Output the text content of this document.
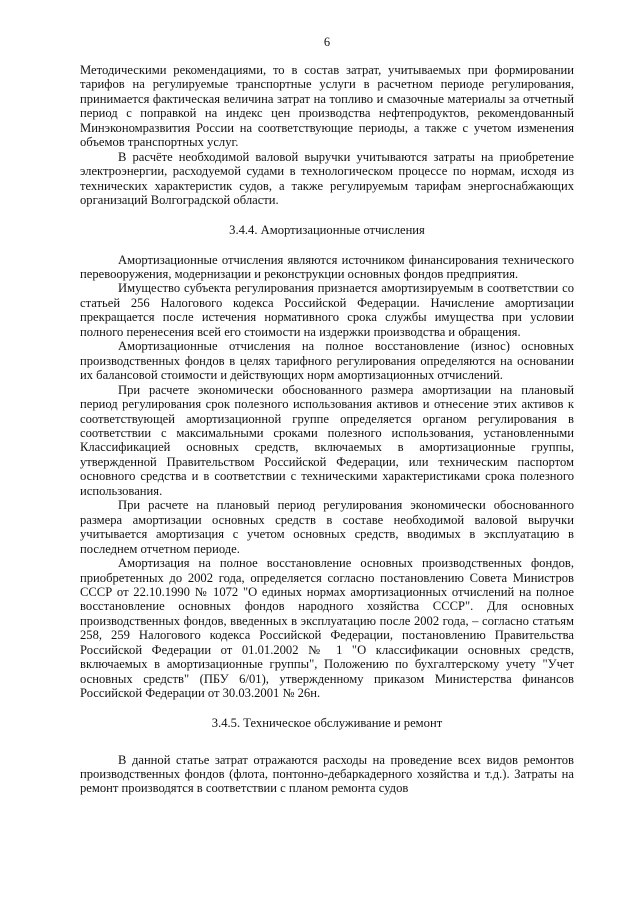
6

Методическими рекомендациями, то в состав затрат, учитываемых при формировании тарифов на регулируемые транспортные услуги в расчетном периоде регулирования, принимается фактическая величина затрат на топливо и смазочные материалы за отчетный период с поправкой на индекс цен производства нефтепродуктов, рекомендованный Минэкономразвития России на соответствующие периоды, а также с учетом изменения объемов транспортных услуг.

В расчёте необходимой валовой выручки учитываются затраты на приобретение электроэнергии, расходуемой судами в технологическом процессе по нормам, исходя из технических характеристик судов, а также регулируемым тарифам энергоснабжающих организаций Волгоградской области.

3.4.4. Амортизационные отчисления

Амортизационные отчисления являются источником финансирования технического перевооружения, модернизации и реконструкции основных фондов предприятия.

Имущество субъекта регулирования признается амортизируемым в соответствии со статьей 256 Налогового кодекса Российской Федерации. Начисление амортизации прекращается после истечения нормативного срока службы имущества при условии полного перенесения всей его стоимости на издержки производства и обращения.

Амортизационные отчисления на полное восстановление (износ) основных производственных фондов в целях тарифного регулирования определяются на основании их балансовой стоимости и действующих норм амортизационных отчислений.

При расчете экономически обоснованного размера амортизации на плановый период регулирования срок полезного использования активов и отнесение этих активов к соответствующей амортизационной группе определяется органом регулирования в соответствии с максимальными сроками полезного использования, установленными Классификацией основных средств, включаемых в амортизационные группы, утвержденной Правительством Российской Федерации, или техническим паспортом основного средства и в соответствии с техническими характеристиками срока полезного использования.

При расчете на плановый период регулирования экономически обоснованного размера амортизации основных средств в составе необходимой валовой выручки учитывается амортизация с учетом основных средств, вводимых в эксплуатацию в последнем отчетном периоде.

Амортизация на полное восстановление основных производственных фондов, приобретенных до 2002 года, определяется согласно постановлению Совета Министров СССР от 22.10.1990 № 1072 "О единых нормах амортизационных отчислений на полное восстановление основных фондов народного хозяйства СССР". Для основных производственных фондов, введенных в эксплуатацию после 2002 года, – согласно статьям 258, 259 Налогового кодекса Российской Федерации, постановлению Правительства Российской Федерации от 01.01.2002 № 1 "О классификации основных средств, включаемых в амортизационные группы", Положению по бухгалтерскому учету "Учет основных средств" (ПБУ 6/01), утвержденному приказом Министерства финансов Российской Федерации от 30.03.2001 № 26н.

3.4.5. Техническое обслуживание и ремонт

В данной статье затрат отражаются расходы на проведение всех видов ремонтов производственных фондов (флота, понтонно-дебаркадерного хозяйства и т.д.). Затраты на ремонт производятся в соответствии с планом ремонта судов
